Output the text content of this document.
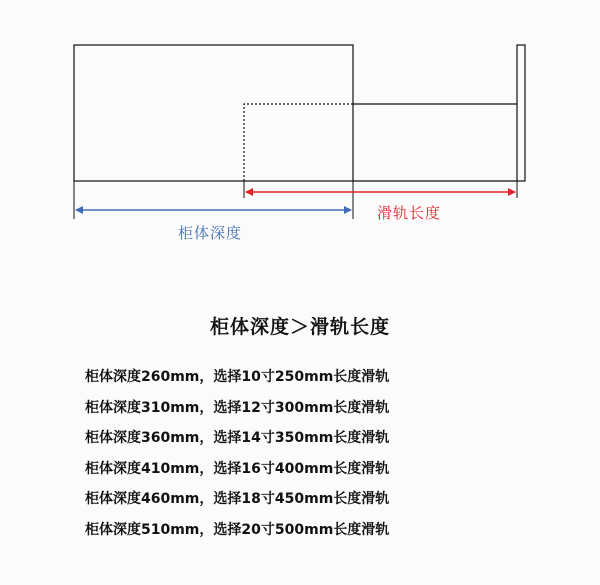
滑轨长度
柜体深度
柜体深度＞滑轨长度
柜体深度260mm，选择10寸250mm长度滑轨
柜体深度310mm，选择12寸300mm长度滑轨
柜体深度360mm，选择14寸350mm长度滑轨
柜体深度410mm，选择16寸400mm长度滑轨
柜体深度460mm，选择18寸450mm长度滑轨
柜体深度510mm，选择20寸500mm长度滑轨
